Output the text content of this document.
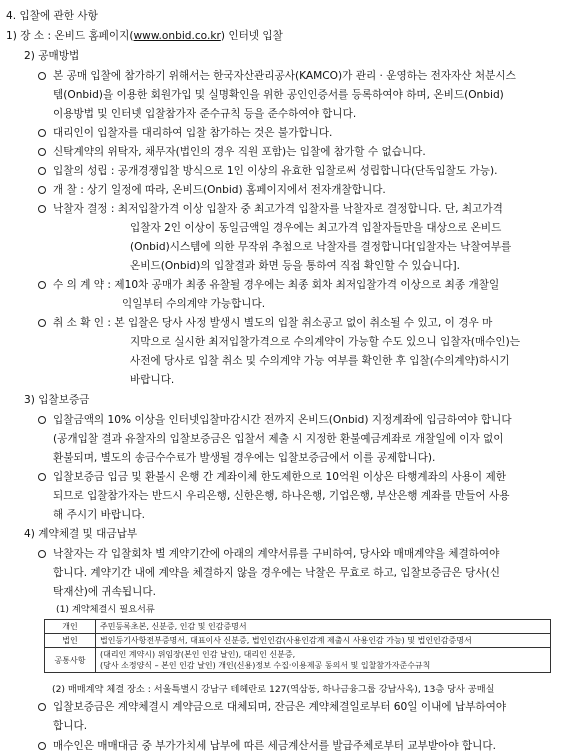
4. 입찰에 관한 사항
1) 장 소 : 온비드 홈페이지(www.onbid.co.kr) 인터넷 입찰
2) 공매방법
본 공매 입찰에 참가하기 위해서는 한국자산관리공사(KAMCO)가 관리 · 운영하는 전자자산 처분시스
템(Onbid)을 이용한 회원가입 및 실명확인을 위한 공인인증서를 등록하여야 하며, 온비드(Onbid)
이용방법 및 인터넷 입찰참가자 준수규칙 등을 준수하여야 합니다.
대리인이 입찰자를 대리하여 입찰 참가하는 것은 불가합니다.
신탁계약의 위탁자, 채무자(법인의 경우 직원 포함)는 입찰에 참가할 수 없습니다.
입찰의 성립 : 공개경쟁입찰 방식으로 1인 이상의 유효한 입찰로써 성립합니다(단독입찰도 가능).
개 찰 : 상기 일정에 따라, 온비드(Onbid) 홈페이지에서 전자개찰합니다.
낙찰자 결정 : 최저입찰가격 이상 입찰자 중 최고가격 입찰자를 낙찰자로 결정합니다. 단, 최고가격
입찰자 2인 이상이 동일금액일 경우에는 최고가격 입찰자들만을 대상으로 온비드
(Onbid)시스템에 의한 무작위 추첨으로 낙찰자를 결정합니다[입찰자는 낙찰여부를
온비드(Onbid)의 입찰결과 화면 등을 통하여 직접 확인할 수 있습니다].
수 의 계 약 : 제10차 공매가 최종 유찰될 경우에는 최종 회차 최저입찰가격 이상으로 최종 개찰일
익일부터 수의계약 가능합니다.
취 소 확 인 : 본 입찰은 당사 사정 발생시 별도의 입찰 취소공고 없이 취소될 수 있고, 이 경우 마
지막으로 실시한 최저입찰가격으로 수의계약이 가능할 수도 있으니 입찰자(매수인)는
사전에 당사로 입찰 취소 및 수의계약 가능 여부를 확인한 후 입찰(수의계약)하시기
바랍니다.
3) 입찰보증금
입찰금액의 10% 이상을 인터넷입찰마감시간 전까지 온비드(Onbid) 지정계좌에 입금하여야 합니다
(공개입찰 결과 유찰자의 입찰보증금은 입찰서 제출 시 지정한 환불예금계좌로 개찰일에 이자 없이
환불되며, 별도의 송금수수료가 발생될 경우에는 입찰보증금에서 이를 공제합니다).
입찰보증금 입금 및 환불시 은행 간 계좌이체 한도제한으로 10억원 이상은 타행계좌의 사용이 제한
되므로 입찰참가자는 반드시 우리은행, 신한은행, 하나은행, 기업은행, 부산은행 계좌를 만들어 사용
해 주시기 바랍니다.
4) 계약체결 및 대금납부
낙찰자는 각 입찰회차 별 계약기간에 아래의 계약서류를 구비하여, 당사와 매매계약을 체결하여야
합니다. 계약기간 내에 계약을 체결하지 않을 경우에는 낙찰은 무효로 하고, 입찰보증금은 당사(신
탁재산)에 귀속됩니다.
(1) 계약체결시 필요서류
개인	주민등록초본, 신분증, 인감 및 인감증명서
법인	법인등기사항전부증명서, 대표이사 신분증, 법인인감(사용인감계 제출시 사용인감 가능) 및 법인인감증명서
공통사항	(대리인 계약시) 위임장(본인 인감 날인), 대리인 신분증,
(당사 소정양식 – 본인 인감 날인) 개인(신용)정보 수집·이용제공 동의서 및 입찰참가자준수규칙
(2) 매매계약 체결 장소 : 서울특별시 강남구 테헤란로 127(역삼동, 하나금융그룹 강남사옥), 13층 당사 공매실
입찰보증금은 계약체결시 계약금으로 대체되며, 잔금은 계약체결일로부터 60일 이내에 납부하여야
합니다.
매수인은 매매대금 중 부가가치세 납부에 따른 세금계산서를 발급주체로부터 교부받아야 합니다.
